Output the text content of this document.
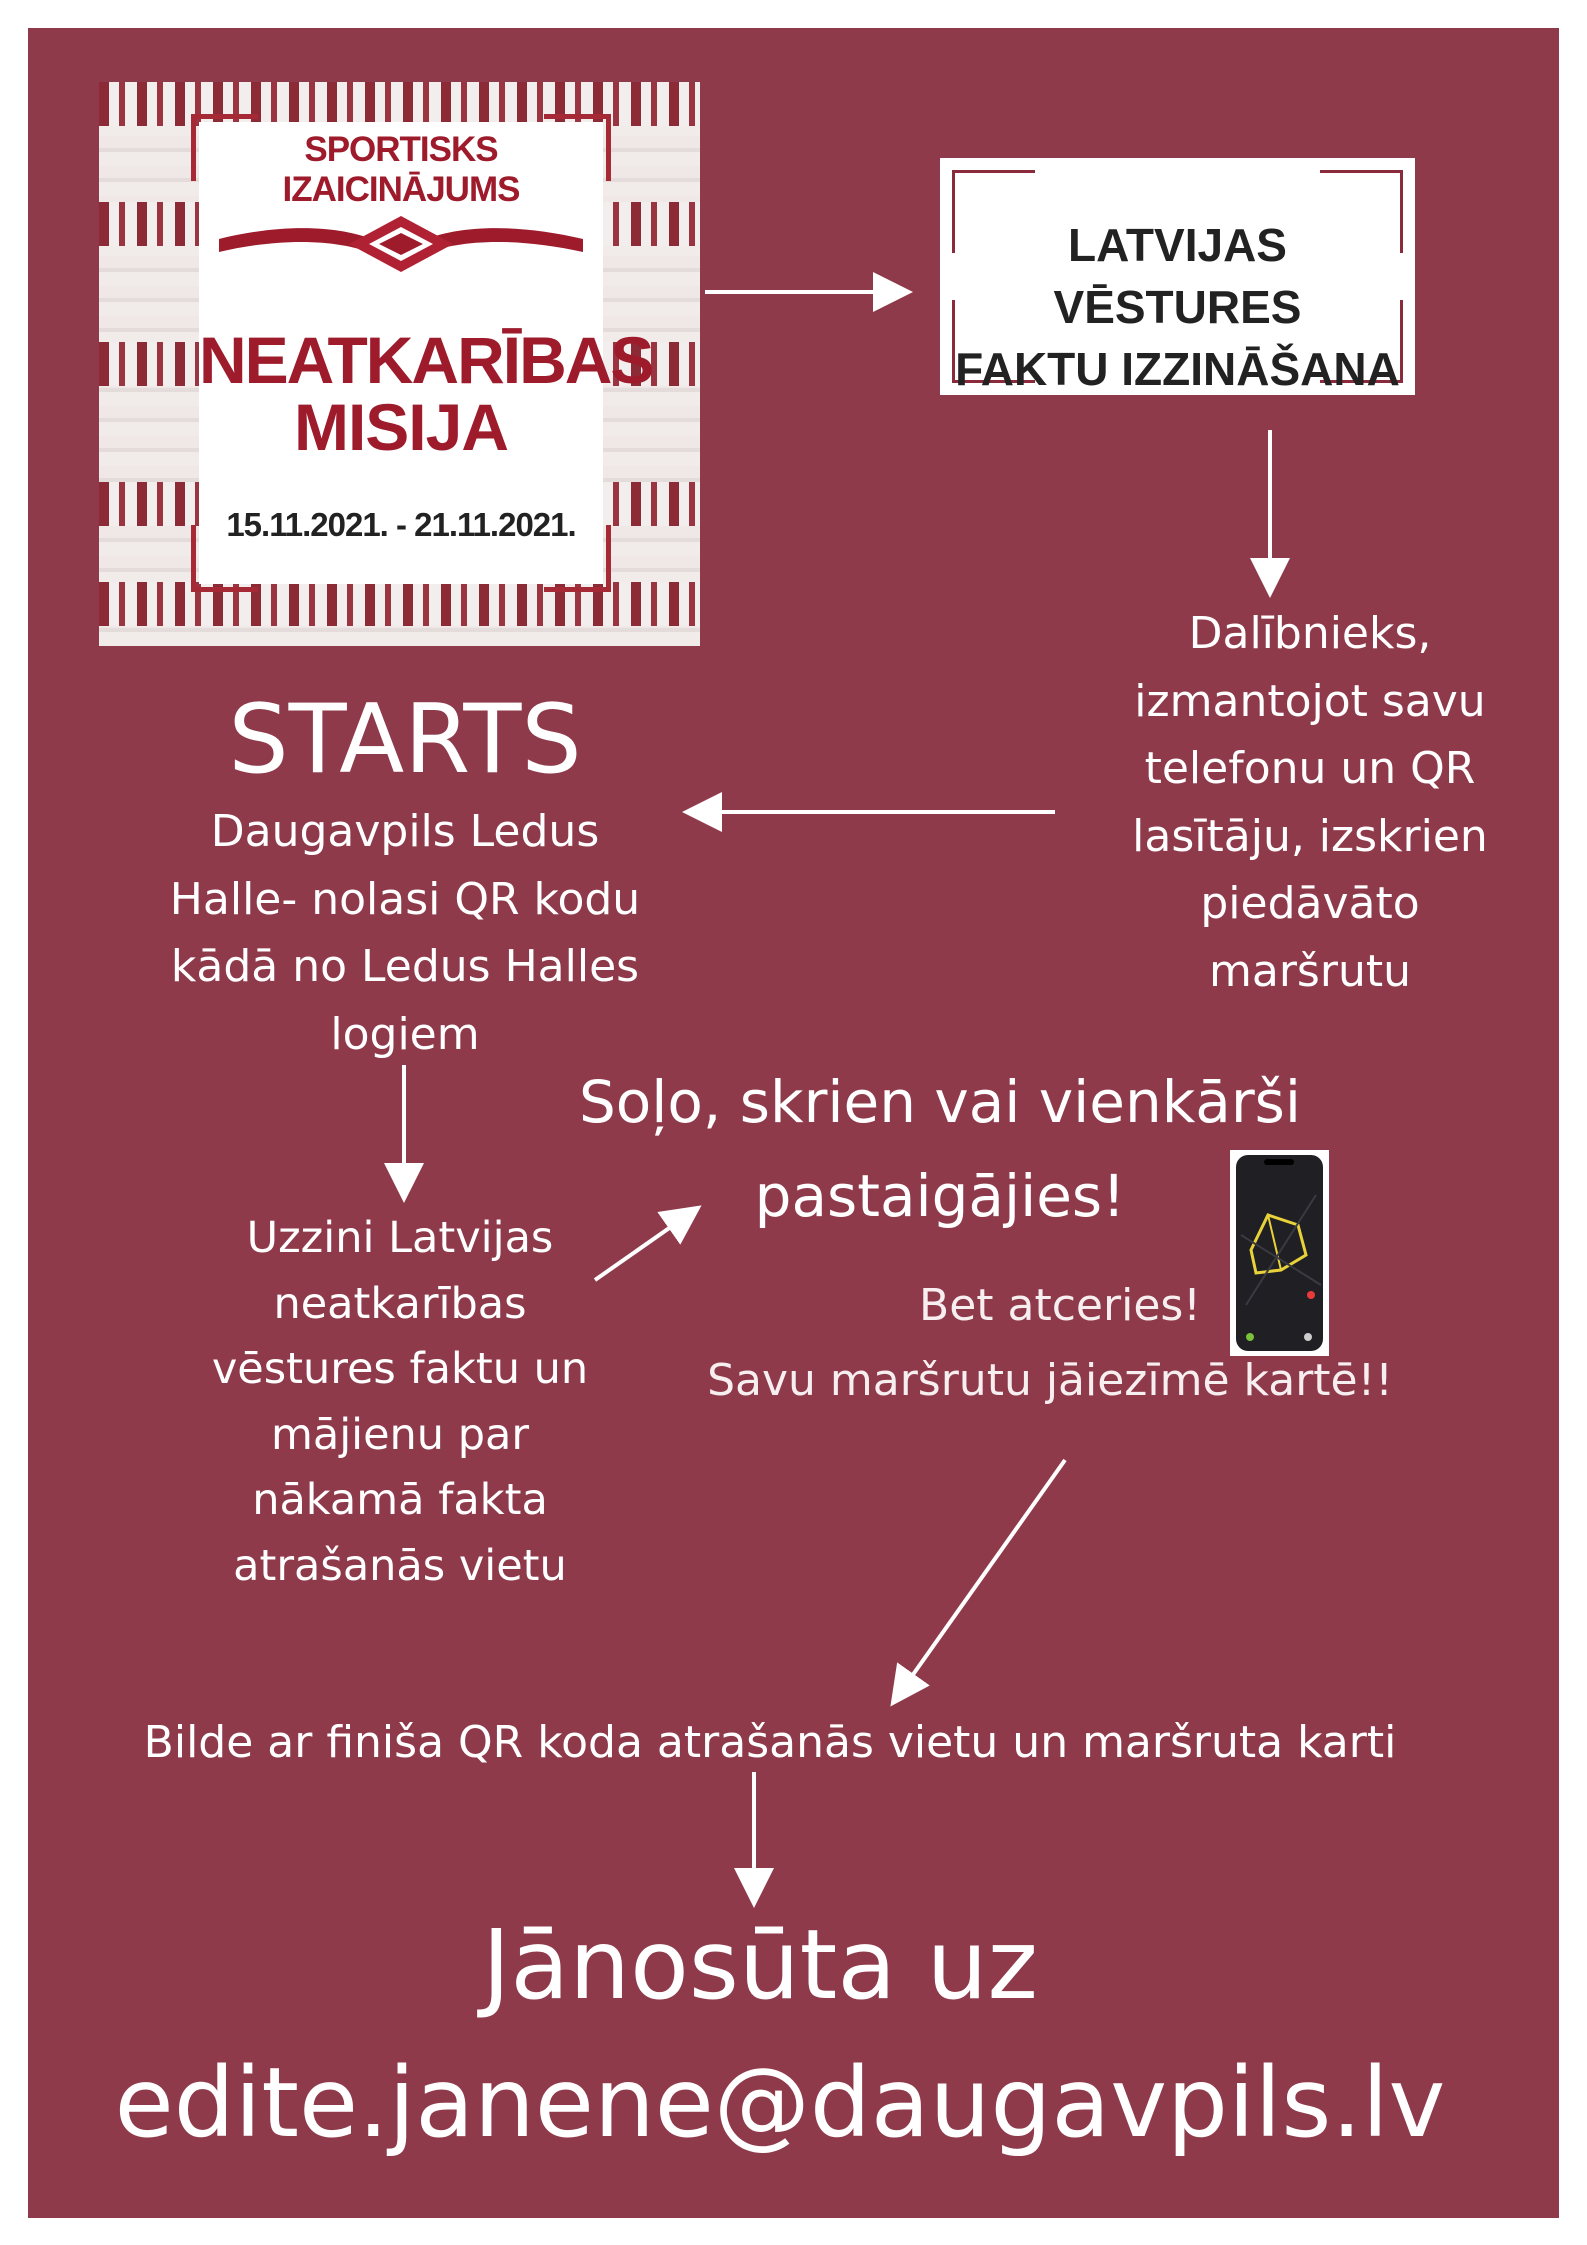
SPORTISKS IZAICINĀJUMS
NEATKARĪBAS
MISIJA
15.11.2021. - 21.11.2021.
LATVIJAS VĒSTURES
FAKTU IZZINĀŠANA
Dalībnieks,
izmantojot savu
telefonu un QR
lasītāju, izskrien
piedāvāto
maršrutu
STARTS
Daugavpils Ledus
Halle- nolasi QR kodu
kādā no Ledus Halles
logiem
Uzzini Latvijas
neatkarības
vēstures faktu un
mājienu par
nākamā fakta
atrašanās vietu
Soļo, skrien vai vienkārši
pastaigājies!
Bet atceries!
Savu maršrutu jāiezīmē kartē!!
Bilde ar finiša QR koda atrašanās vietu un maršruta karti
Jānosūta uz
edite.janene@daugavpils.lv
